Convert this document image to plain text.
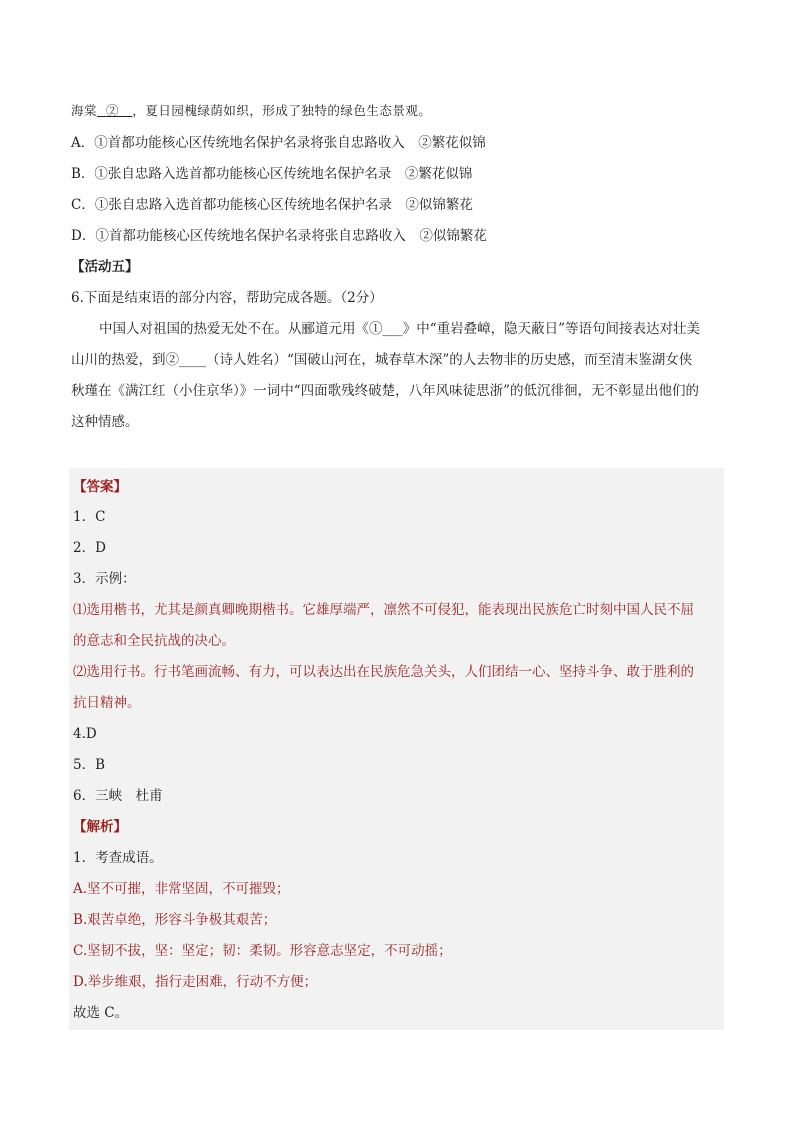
海棠 ② ，夏日园槐绿荫如织，形成了独特的绿色生态景观。
A．①首都功能核心区传统地名保护名录将张自忠路收入　②繁花似锦
B．①张自忠路入选首都功能核心区传统地名保护名录　②繁花似锦
C．①张自忠路入选首都功能核心区传统地名保护名录　②似锦繁花
D．①首都功能核心区传统地名保护名录将张自忠路收入　②似锦繁花
【活动五】
6.下面是结束语的部分内容，帮助完成各题。（2分）
中国人对祖国的热爱无处不在。从郦道元用《①___》中“重岩叠嶂，隐天蔽日”等语句间接表达对壮美
山川的热爱，到②____（诗人姓名）“国破山河在，城春草木深”的人去物非的历史感，而至清末鉴湖女侠
秋瑾在《满江红（小住京华）》一词中“四面歌残终破楚，八年风味徒思浙”的低沉徘徊，无不彰显出他们的
这种情感。
【答案】
1．C
2．D
3．示例：
⑴选用楷书，尤其是颜真卿晚期楷书。它雄厚端严，凛然不可侵犯，能表现出民族危亡时刻中国人民不屈
的意志和全民抗战的决心。
⑵选用行书。行书笔画流畅、有力，可以表达出在民族危急关头，人们团结一心、坚持斗争、敢于胜利的
抗日精神。
4.D
5．B
6．三峡　杜甫
【解析】
1．考查成语。
A.坚不可摧，非常坚固，不可摧毁；
B.艰苦卓绝，形容斗争极其艰苦；
C.坚韧不拔，坚：坚定；韧：柔韧。形容意志坚定，不可动摇；
D.举步维艰，指行走困难，行动不方便；
故选 C。
